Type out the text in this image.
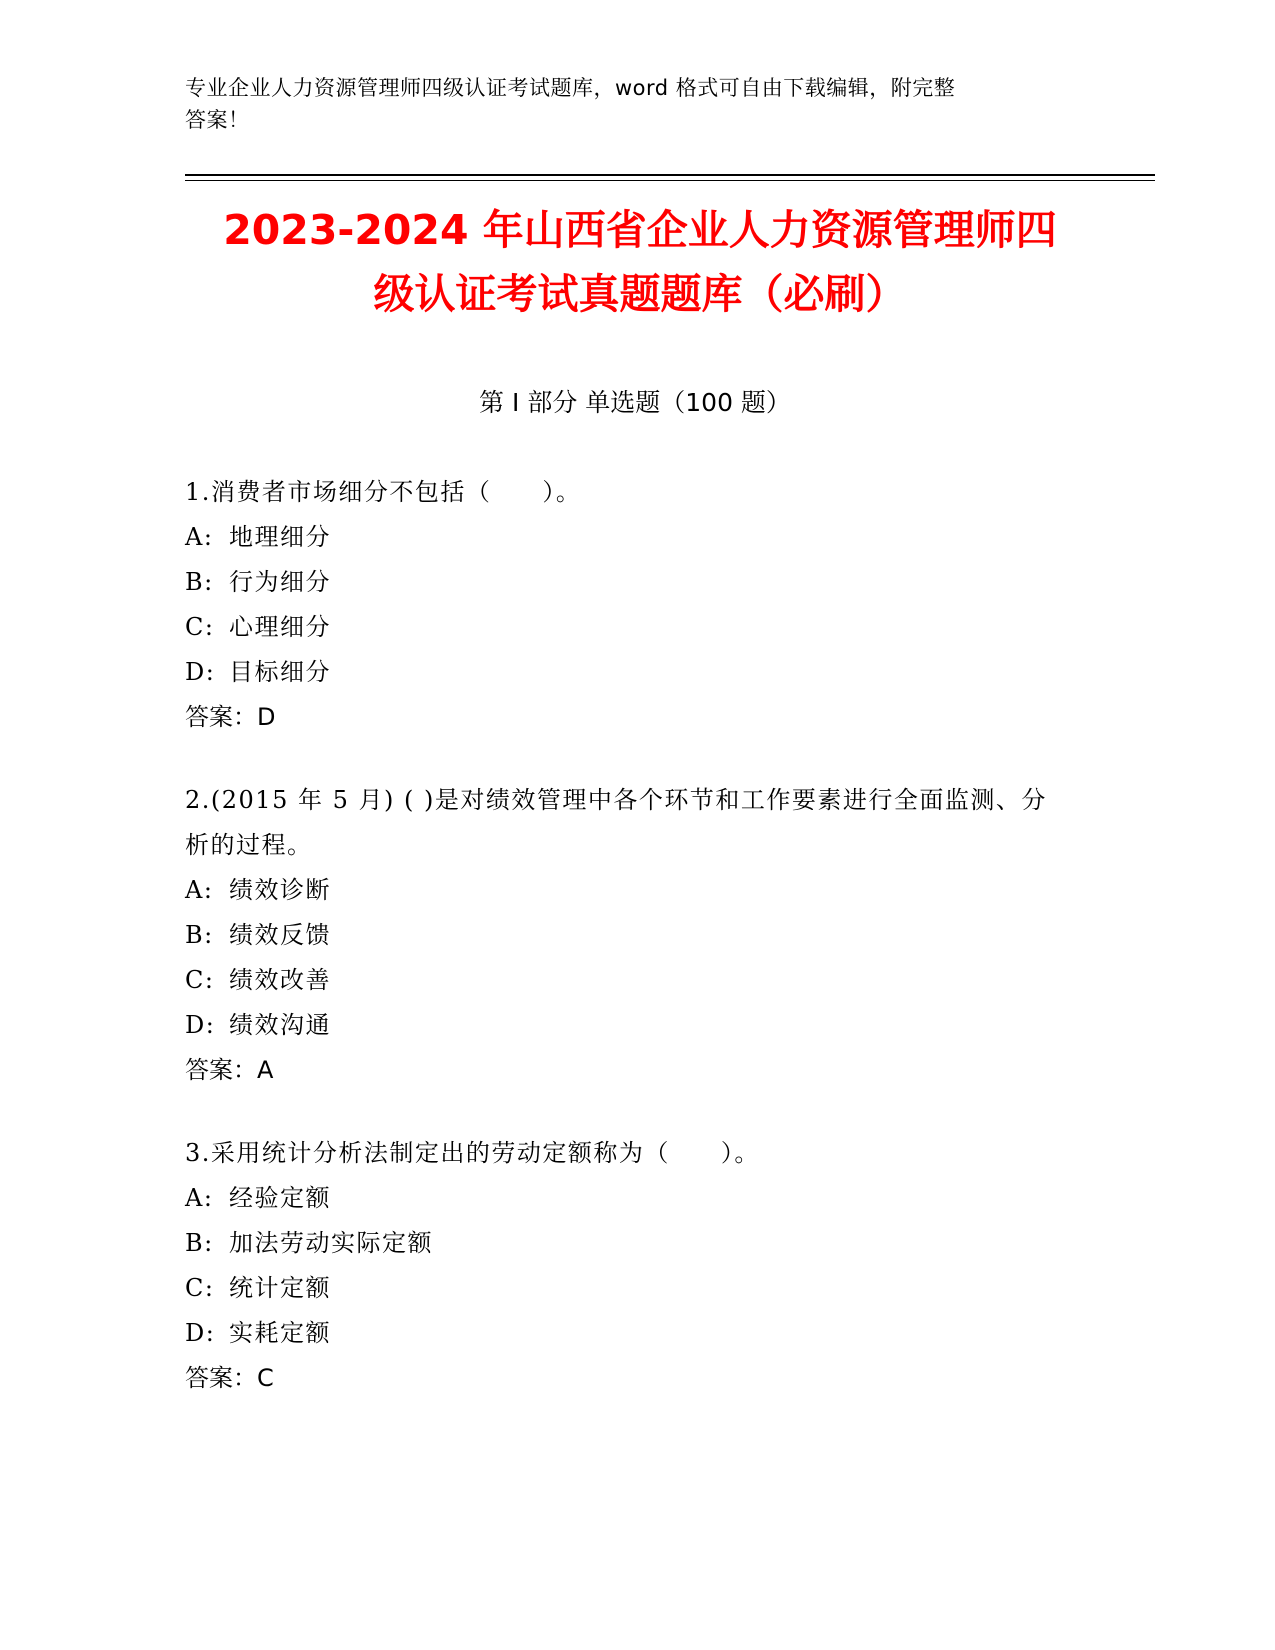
专业企业人力资源管理师四级认证考试题库，word 格式可自由下载编辑，附完整
答案！
2023-2024 年山西省企业人力资源管理师四
级认证考试真题题库（必刷）
第 I 部分 单选题（100 题）

1.消费者市场细分不包括（　　）。

A: 地理细分

B: 行为细分

C: 心理细分

D: 目标细分

答案：D

2.(2015 年 5 月) ( )是对绩效管理中各个环节和工作要素进行全面监测、分析的过程。

A: 绩效诊断

B: 绩效反馈

C: 绩效改善

D: 绩效沟通

答案：A

3.采用统计分析法制定出的劳动定额称为（　　）。

A: 经验定额

B: 加法劳动实际定额

C: 统计定额

D: 实耗定额

答案：C
